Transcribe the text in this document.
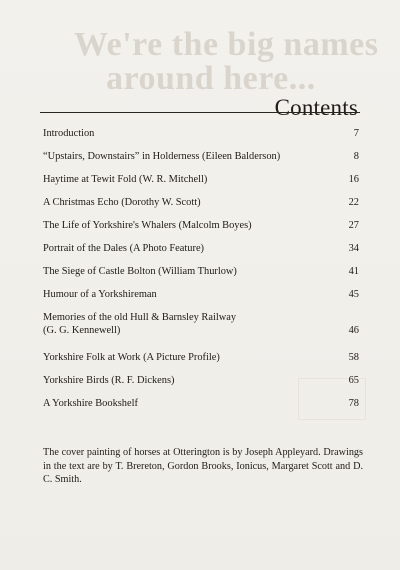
We're the big names
around here...
Contents
Introduction	7
“Upstairs, Downstairs” in Holderness (Eileen Balderson)	8
Haytime at Tewit Fold (W. R. Mitchell)	16
A Christmas Echo (Dorothy W. Scott)	22
The Life of Yorkshire's Whalers (Malcolm Boyes)	27
Portrait of the Dales (A Photo Feature)	34
The Siege of Castle Bolton (William Thurlow)	41
Humour of a Yorkshireman	45
Memories of the old Hull & Barnsley Railway
(G. G. Kennewell)	46
Yorkshire Folk at Work (A Picture Profile)	58
Yorkshire Birds (R. F. Dickens)	65
A Yorkshire Bookshelf	78

The cover painting of horses at Otterington is by Joseph Appleyard. Drawings in the text are by T. Brereton, Gordon Brooks, Ionicus, Margaret Scott and D. C. Smith.
